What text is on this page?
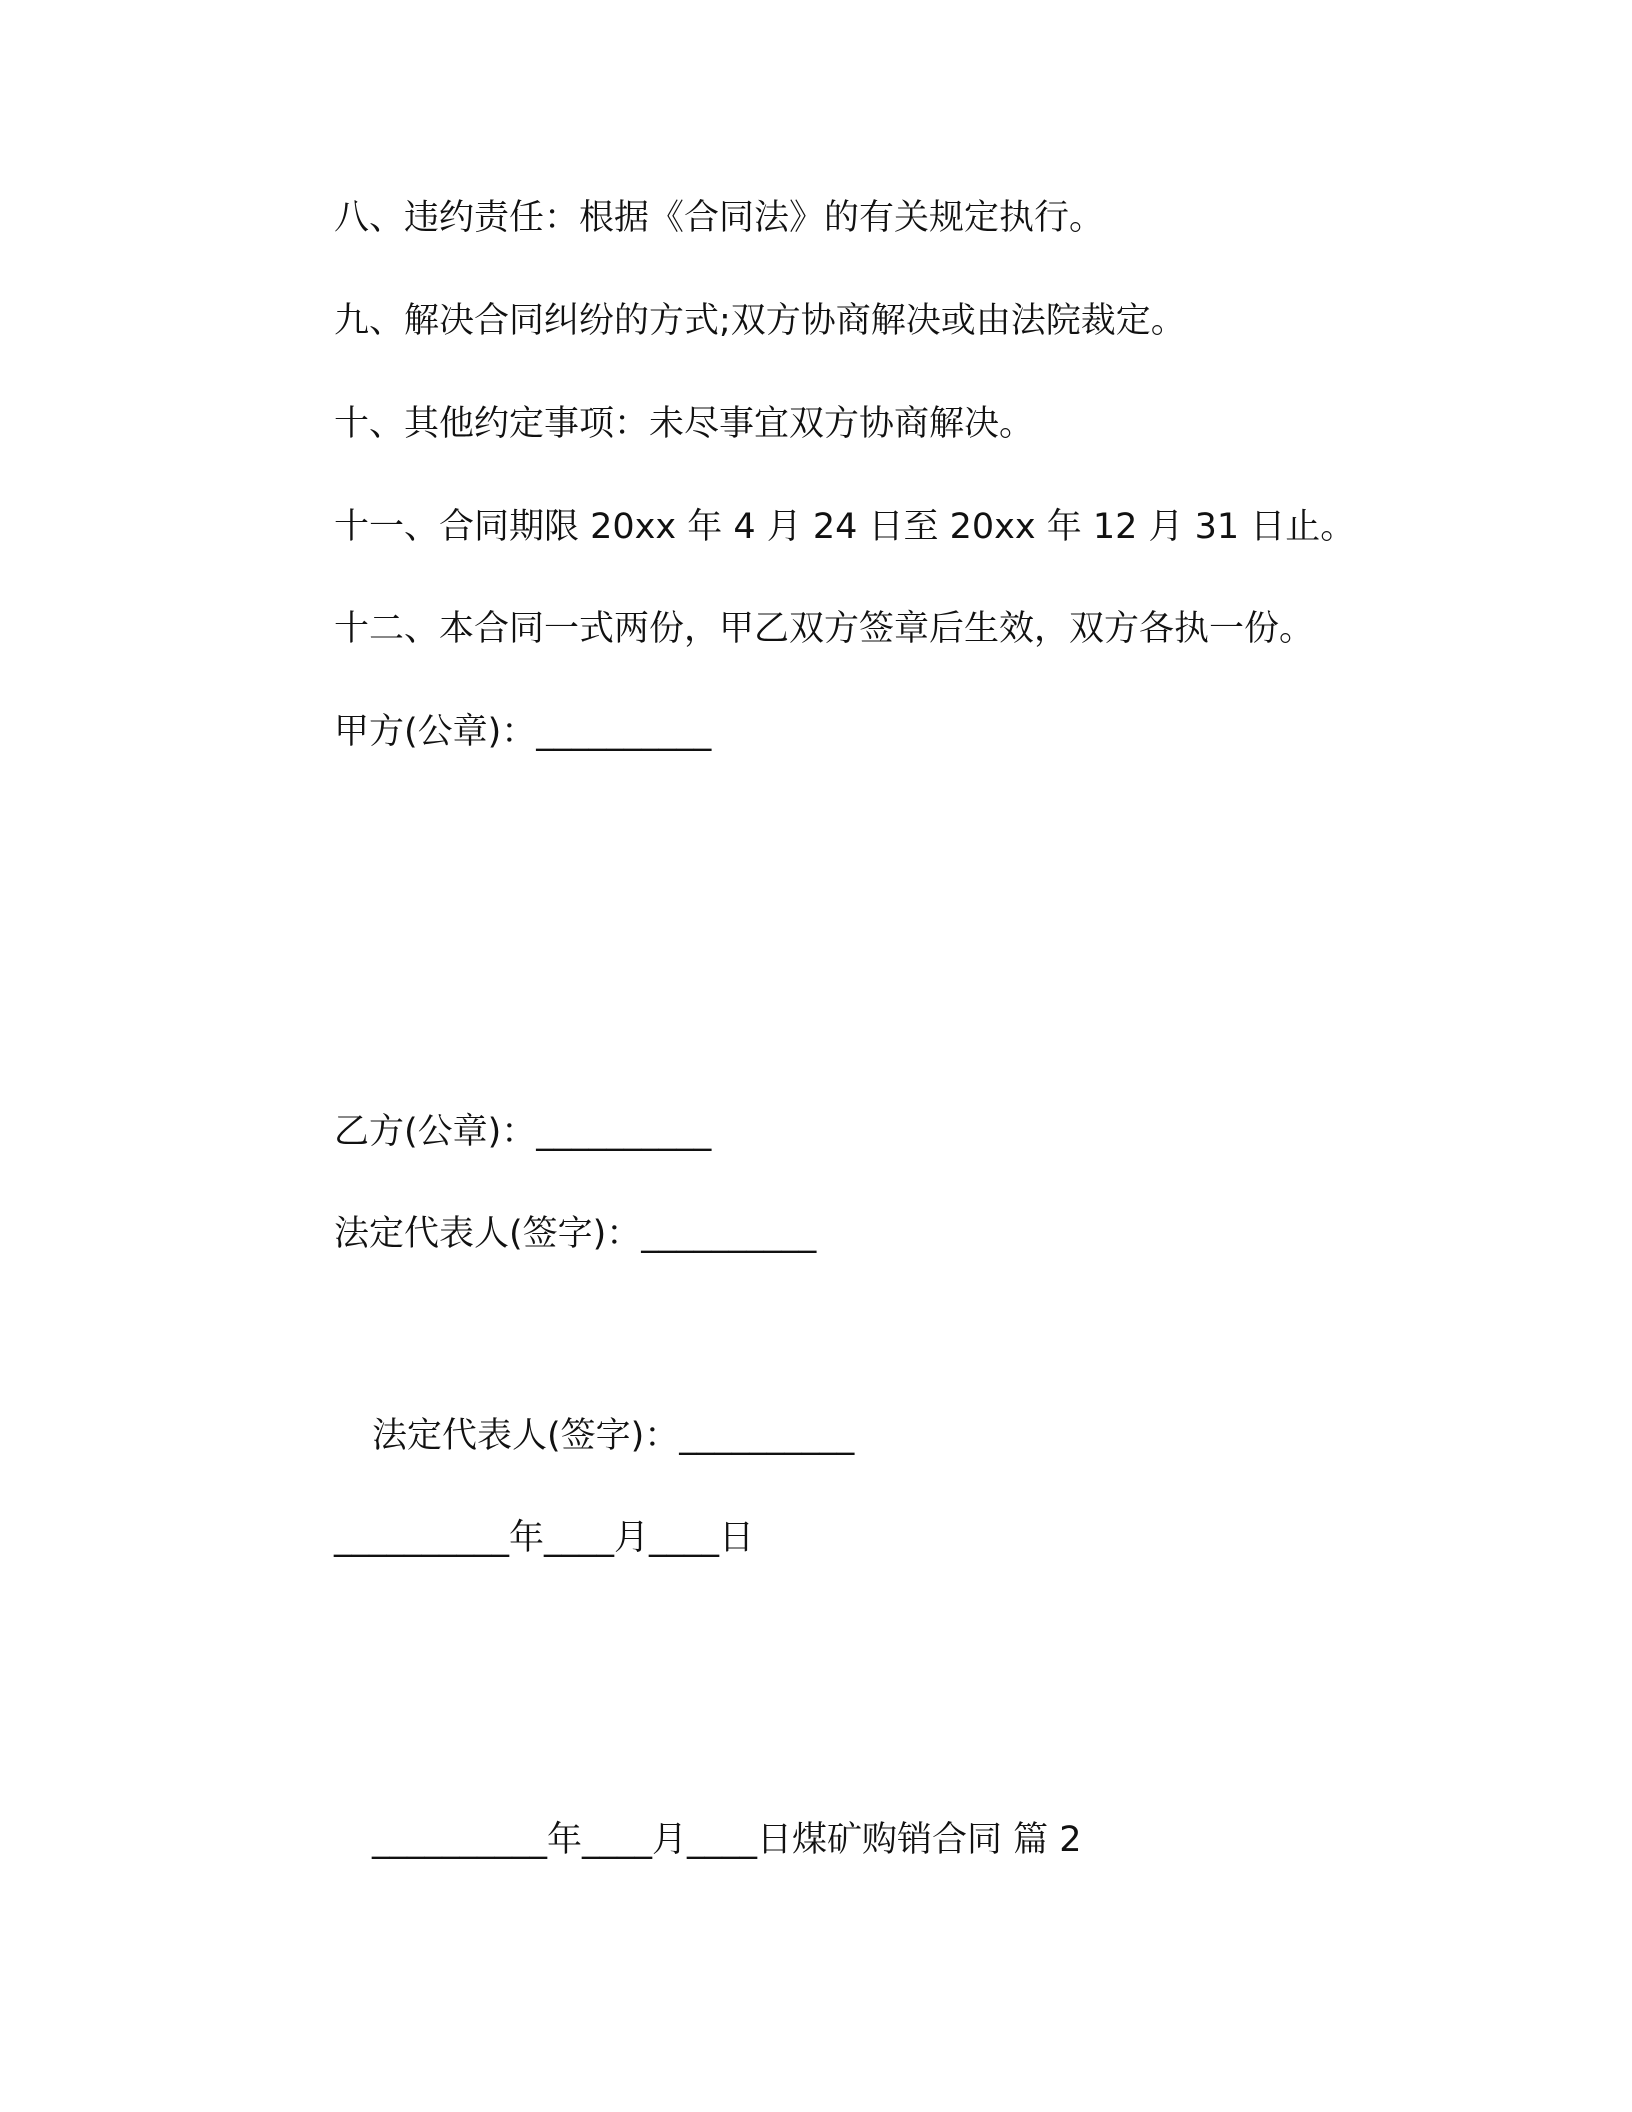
八、违约责任：根据《合同法》的有关规定执行。
九、解决合同纠纷的方式;双方协商解决或由法院裁定。
十、其他约定事项：未尽事宜双方协商解决。
十一、合同期限 20xx 年 4 月 24 日至 20xx 年 12 月 31 日止。
十二、本合同一式两份，甲乙双方签章后生效，双方各执一份。
甲方(公章)：__________
乙方(公章)：__________
法定代表人(签字)：__________
法定代表人(签字)：__________
__________年____月____日
__________年____月____日煤矿购销合同 篇 2
